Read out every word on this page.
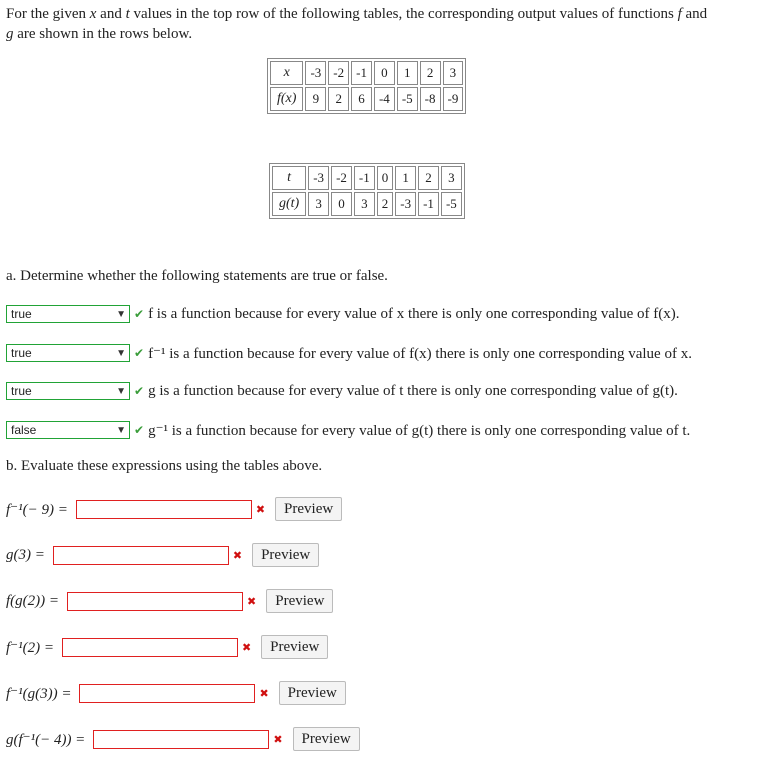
For the given x and t values in the top row of the following tables, the corresponding output values of functions f and
g are shown in the rows below.
x	-3	-2	-1	0	1	2	3
f(x)	9	2	6	-4	-5	-8	-9
t	-3	-2	-1	0	1	2	3
g(t)	3	0	3	2	-3	-1	-5
a. Determine whether the following statements are true or false.
true	▼ ✔ f is a function because for every value of x there is only one corresponding value of f(x).
true	▼ ✔ f⁻¹ is a function because for every value of f(x) there is only one corresponding value of x.
true	▼ ✔ g is a function because for every value of t there is only one corresponding value of g(t).
false	▼ ✔ g⁻¹ is a function because for every value of g(t) there is only one corresponding value of t.
b. Evaluate these expressions using the tables above.
f⁻¹(− 9) =	✖	Preview
g(3) =	✖	Preview
f(g(2)) =	✖	Preview
f⁻¹(2) =	✖	Preview
f⁻¹(g(3)) =	✖	Preview
g(f⁻¹(− 4)) =	✖	Preview
